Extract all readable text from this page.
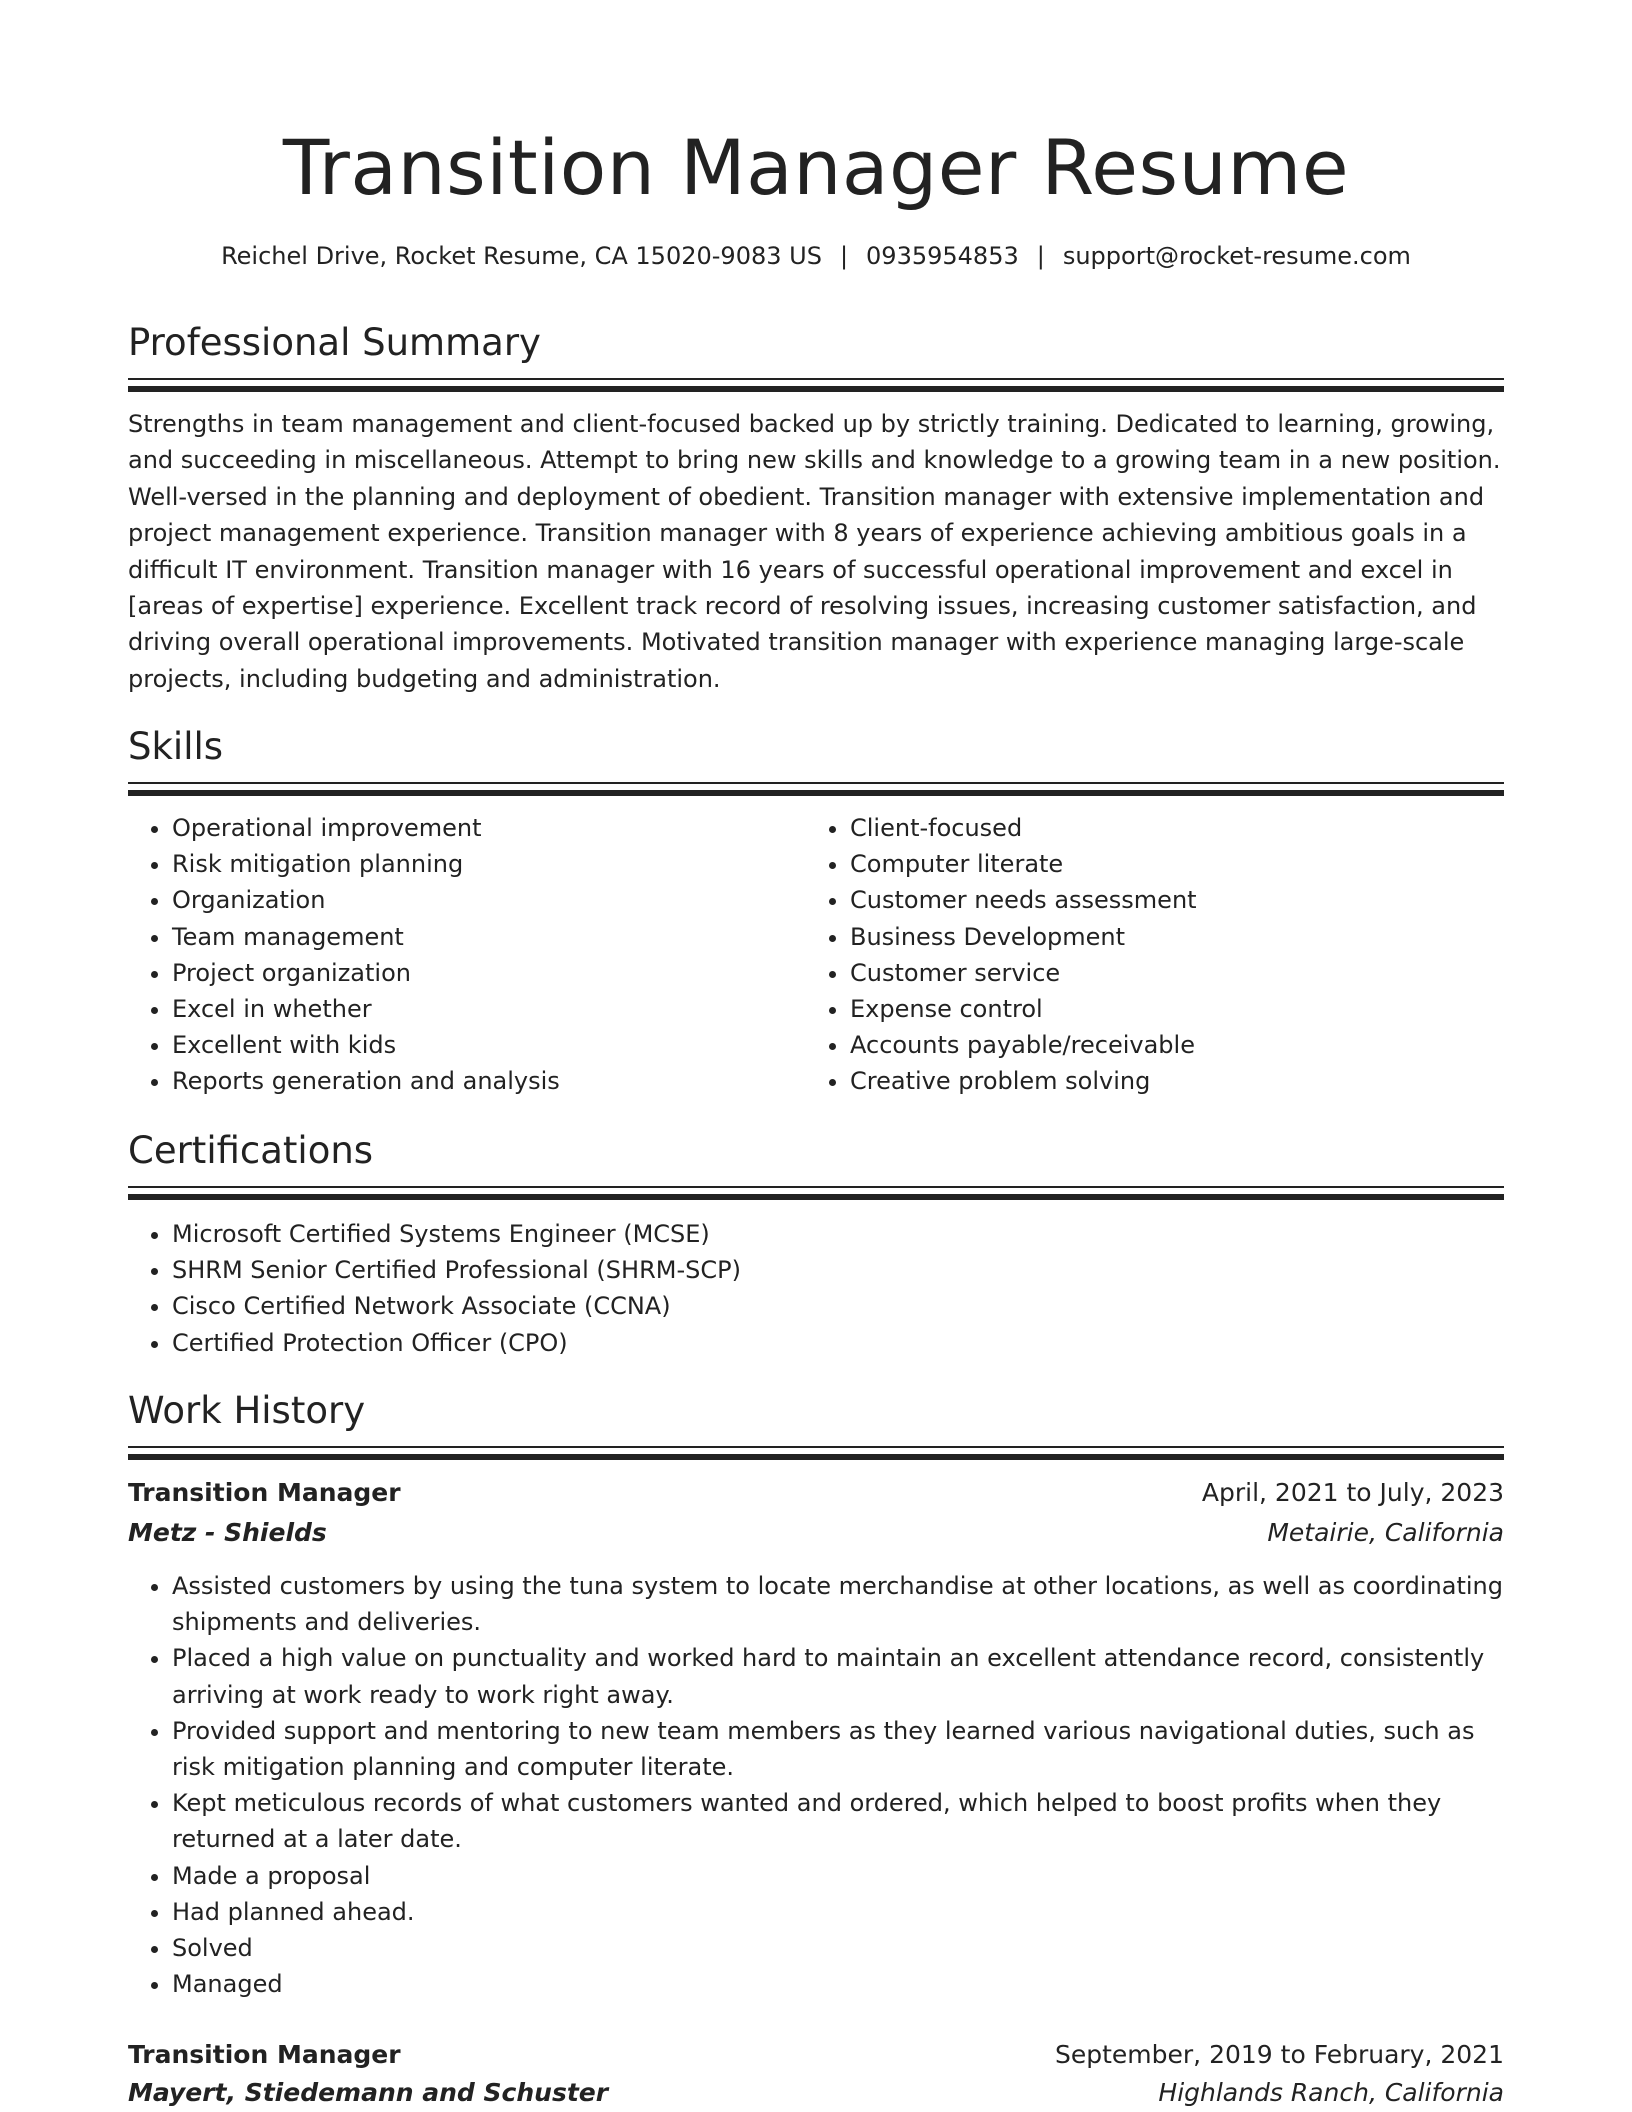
Transition Manager Resume
Reichel Drive, Rocket Resume, CA 15020-9083 US | 0935954853 | support@rocket-resume.com
Professional Summary
Strengths in team management and client-focused backed up by strictly training. Dedicated to learning, growing, and succeeding in miscellaneous. Attempt to bring new skills and knowledge to a growing team in a new position. Well-versed in the planning and deployment of obedient. Transition manager with extensive implementation and project management experience. Transition manager with 8 years of experience achieving ambitious goals in a difficult IT environment. Transition manager with 16 years of successful operational improvement and excel in [areas of expertise] experience. Excellent track record of resolving issues, increasing customer satisfaction, and driving overall operational improvements. Motivated transition manager with experience managing large-scale projects, including budgeting and administration.
Skills
• Operational improvement
• Risk mitigation planning
• Organization
• Team management
• Project organization
• Excel in whether
• Excellent with kids
• Reports generation and analysis
• Client-focused
• Computer literate
• Customer needs assessment
• Business Development
• Customer service
• Expense control
• Accounts payable/receivable
• Creative problem solving
Certifications
• Microsoft Certified Systems Engineer (MCSE)
• SHRM Senior Certified Professional (SHRM-SCP)
• Cisco Certified Network Associate (CCNA)
• Certified Protection Officer (CPO)
Work History
Transition Manager	April, 2021 to July, 2023
Metz - Shields	Metairie, California
• Assisted customers by using the tuna system to locate merchandise at other locations, as well as coordinating shipments and deliveries.
• Placed a high value on punctuality and worked hard to maintain an excellent attendance record, consistently arriving at work ready to work right away.
• Provided support and mentoring to new team members as they learned various navigational duties, such as risk mitigation planning and computer literate.
• Kept meticulous records of what customers wanted and ordered, which helped to boost profits when they returned at a later date.
• Made a proposal
• Had planned ahead.
• Solved
• Managed
Transition Manager	September, 2019 to February, 2021
Mayert, Stiedemann and Schuster	Highlands Ranch, California
